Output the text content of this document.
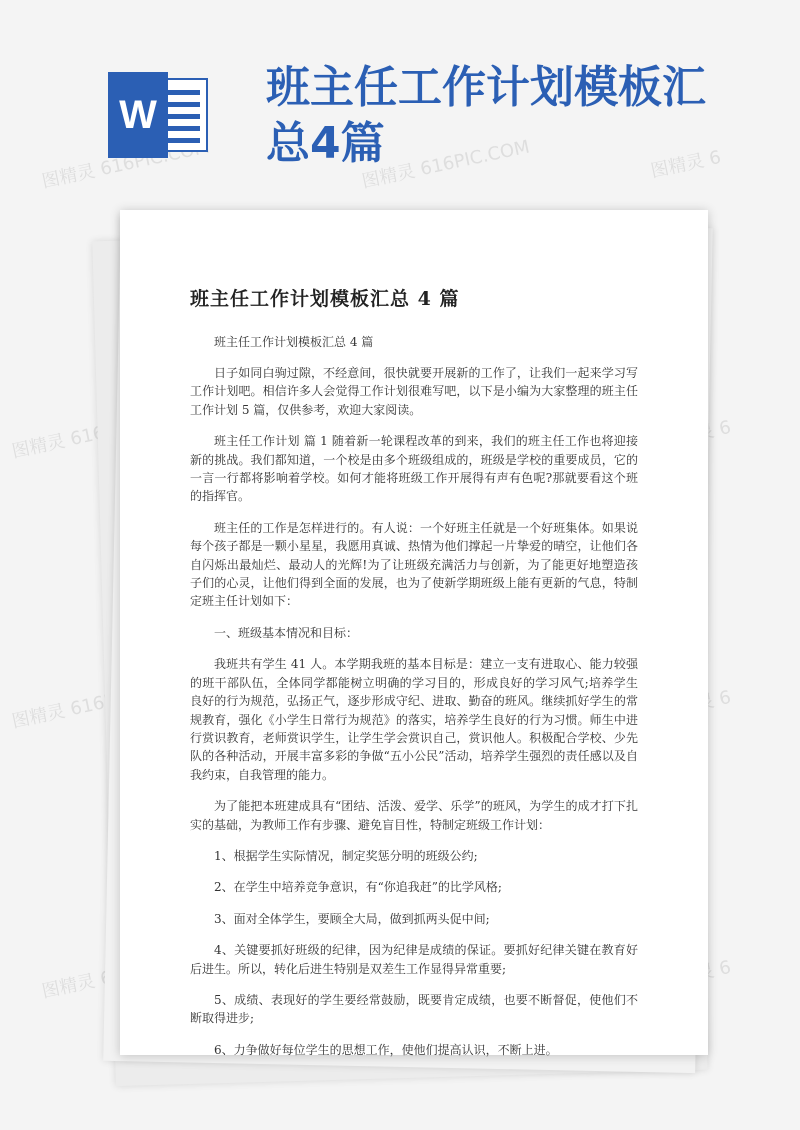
图精灵 616PIC.COM	图精灵 616PIC.COM	图精灵 6
图精灵 616PIC.COM	6
图精灵 616PIC.COM	6
图精灵
6
W
班主任工作计划模板汇总4篇
班主任工作计划模板汇总 4 篇
班主任工作计划模板汇总 4 篇

日子如同白驹过隙，不经意间，很快就要开展新的工作了，让我们一起来学习写工作计划吧。相信许多人会觉得工作计划很难写吧，以下是小编为大家整理的班主任工作计划 5 篇，仅供参考，欢迎大家阅读。

班主任工作计划 篇 1 随着新一轮课程改革的到来，我们的班主任工作也将迎接新的挑战。我们都知道，一个校是由多个班级组成的，班级是学校的重要成员，它的一言一行都将影响着学校。如何才能将班级工作开展得有声有色呢?那就要看这个班的指挥官。

班主任的工作是怎样进行的。有人说：一个好班主任就是一个好班集体。如果说每个孩子都是一颗小星星，我愿用真诚、热情为他们撑起一片挚爱的晴空，让他们各自闪烁出最灿烂、最动人的光辉!为了让班级充满活力与创新，为了能更好地塑造孩子们的心灵，让他们得到全面的发展，也为了使新学期班级上能有更新的气息，特制定班主任计划如下：

一、班级基本情况和目标：

我班共有学生 41 人。本学期我班的基本目标是：建立一支有进取心、能力较强的班干部队伍，全体同学都能树立明确的学习目的，形成良好的学习风气;培养学生良好的行为规范，弘扬正气，逐步形成守纪、进取、勤奋的班风。继续抓好学生的常规教育，强化《小学生日常行为规范》的落实，培养学生良好的行为习惯。师生中进行赏识教育，老师赏识学生，让学生学会赏识自己，赏识他人。积极配合学校、少先队的各种活动，开展丰富多彩的争做“五小公民”活动，培养学生强烈的责任感以及自我约束，自我管理的能力。

为了能把本班建成具有“团结、活泼、爱学、乐学”的班风，为学生的成才打下扎实的基础，为教师工作有步骤、避免盲目性，特制定班级工作计划：

1、根据学生实际情况，制定奖惩分明的班级公约;

2、在学生中培养竞争意识，有“你追我赶”的比学风格;

3、面对全体学生，要顾全大局，做到抓两头促中间;

4、关键要抓好班级的纪律，因为纪律是成绩的保证。要抓好纪律关键在教育好后进生。所以，转化后进生特别是双差生工作显得异常重要;

5、成绩、表现好的学生要经常鼓励，既要肯定成绩，也要不断督促，使他们不断取得进步;

6、力争做好每位学生的思想工作，使他们提高认识，不断上进。
